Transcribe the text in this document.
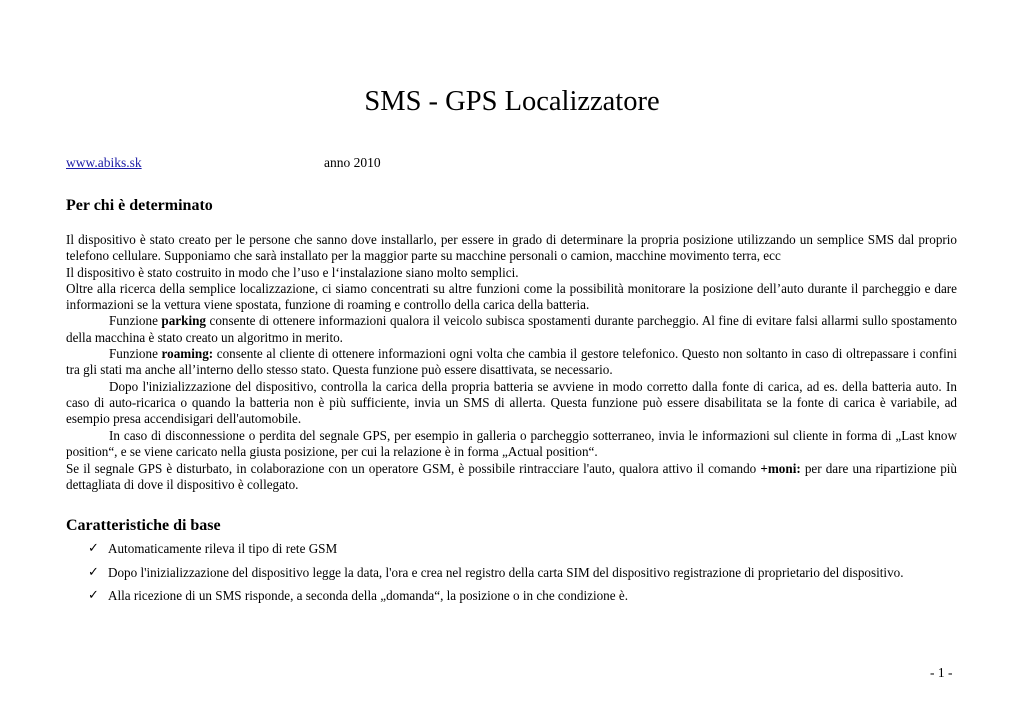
SMS - GPS Localizzatore
www.abiks.sk	anno 2010
Per chi è determinato

Il dispositivo è stato creato per le persone che sanno dove installarlo, per essere in grado di determinare la propria posizione utilizzando un semplice SMS dal proprio telefono cellulare. Supponiamo che sarà installato per la maggior parte su macchine personali o camion, macchine movimento terra, ecc

Il dispositivo è stato costruito in modo che l’uso e l‘instalazione siano molto semplici.

Oltre alla ricerca della semplice localizzazione, ci siamo concentrati su altre funzioni come la possibilità monitorare la posizione dell’auto durante il parcheggio e dare informazioni se la vettura viene spostata, funzione di roaming e controllo della carica della batteria.

Funzione parking consente di ottenere informazioni qualora il veicolo subisca spostamenti durante parcheggio. Al fine di evitare falsi allarmi sullo spostamento della macchina è stato creato un algoritmo in merito.

Funzione roaming: consente al cliente di ottenere informazioni ogni volta che cambia il gestore telefonico. Questo non soltanto in caso di oltrepassare i confini tra gli stati ma anche all’interno dello stesso stato. Questa funzione può essere disattivata, se necessario.

Dopo l'inizializzazione del dispositivo, controlla la carica della propria batteria se avviene in modo corretto dalla fonte di carica, ad es. della batteria auto. In caso di auto-ricarica o quando la batteria non è più sufficiente, invia un SMS di allerta. Questa funzione può essere disabilitata se la fonte di carica è variabile, ad esempio presa accendisigari dell'automobile.

In caso di disconnessione o perdita del segnale GPS, per esempio in galleria o parcheggio sotterraneo, invia le informazioni sul cliente in forma di „Last know position“, e se viene caricato nella giusta posizione, per cui la relazione è in forma „Actual position“.

Se il segnale GPS è disturbato, in colaborazione con un operatore GSM, è possibile rintracciare l'auto, qualora attivo il comando +moni: per dare una ripartizione più dettagliata di dove il dispositivo è collegato.

Caratteristiche di base
✓ Automaticamente rileva il tipo di rete GSM
✓ Dopo l'inizializzazione del dispositivo legge la data, l'ora e crea nel registro della carta SIM del dispositivo registrazione di proprietario del dispositivo.
✓ Alla ricezione di un SMS risponde, a seconda della „domanda“, la posizione o in che condizione è.
- 1 -
